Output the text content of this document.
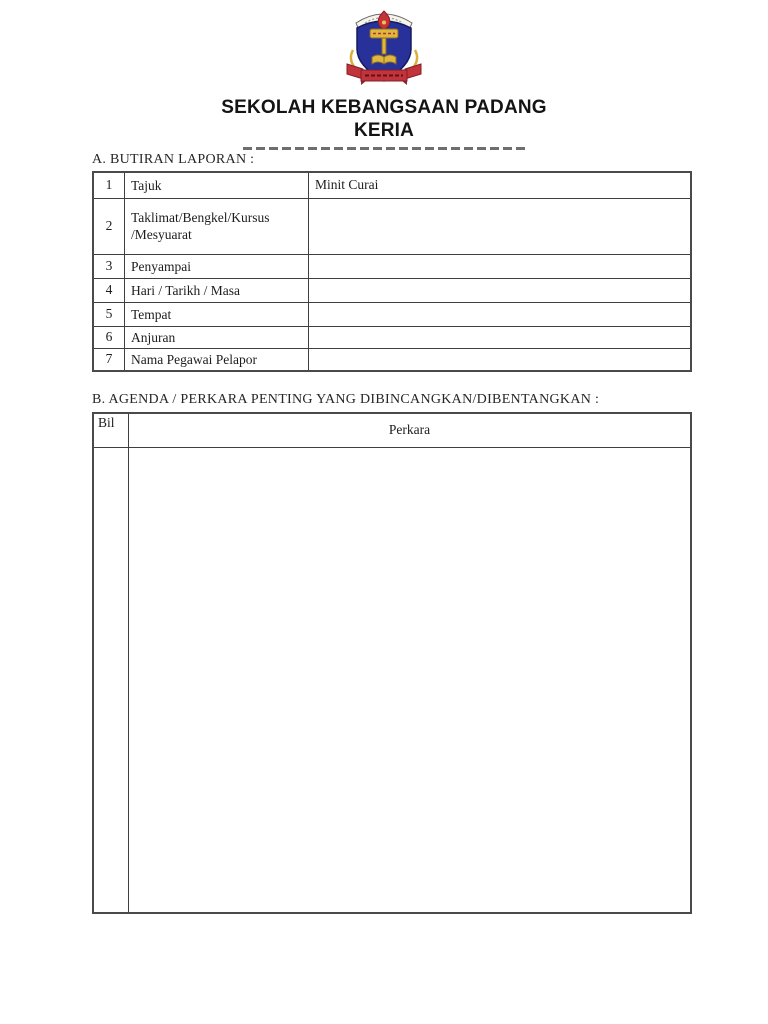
SEKOLAH KEBANGSAAN PADANG
KERIA
A. BUTIRAN LAPORAN :
1	Tajuk	Minit Curai
2	Taklimat/Bengkel/Kursus /Mesyuarat	
3	Penyampai	
4	Hari / Tarikh / Masa	
5	Tempat	
6	Anjuran	
7	Nama Pegawai Pelapor	
B. AGENDA / PERKARA PENTING YANG DIBINCANGKAN/DIBENTANGKAN :
Bil	Perkara
